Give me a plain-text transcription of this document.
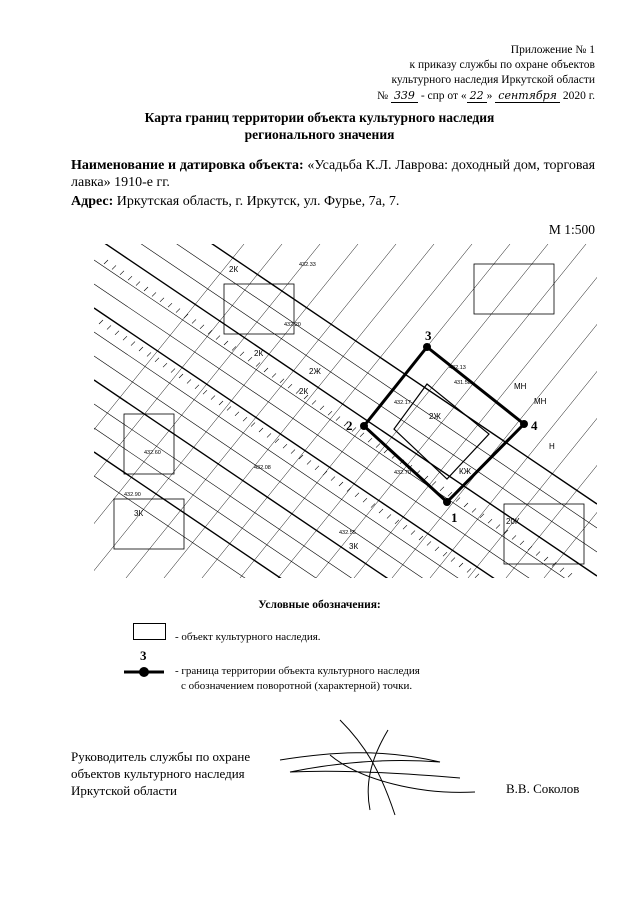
Приложение № 1
к приказу службы по охране объектов
культурного наследия Иркутской области
№ 339 - спр от « 22 » сентября 2020 г.
Карта границ территории объекта культурного наследия
регионального значения
Наименование и датировка объекта: «Усадьба К.Л. Лаврова: доходный дом, торговая лавка» 1910-е гг.
Адрес: Иркутская область, г. Иркутск, ул. Фурье, 7а, 7.
М 1:500
2К
2К
2К
3К
3К
2Ж
2Ж
20К
КЖ
МН
МН
Н
432.33
432.20
432.60
432.90
432.55
432.17
432.13
431.58
432.08
432.70
3
4
1
2
Условные обозначения:
- объект культурного наследия.
3
- граница территории объекта культурного наследия
с обозначением поворотной (характерной) точки.
Руководитель службы по охране
объектов культурного наследия
Иркутской области	В.В. Соколов
